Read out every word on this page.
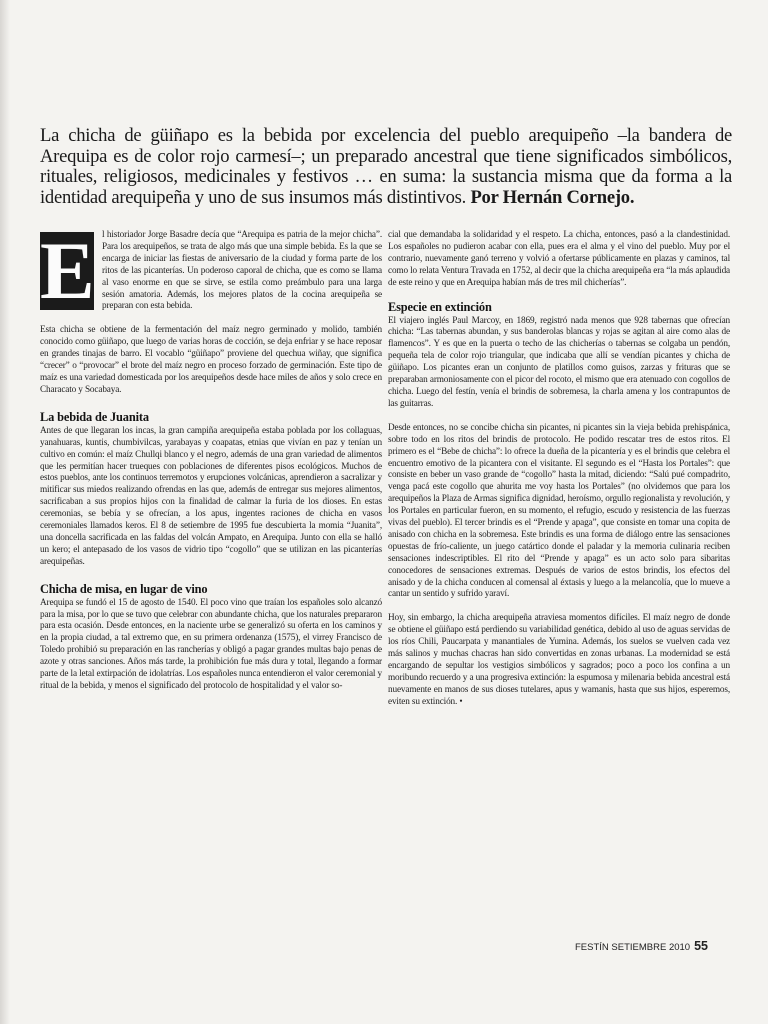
La chicha de güiñapo es la bebida por excelencia del pueblo arequipeño –la bandera de Arequipa es de color rojo carmesí–; un preparado ancestral que tiene significados simbólicos, rituales, religiosos, medicinales y festivos … en suma: la sustancia misma que da forma a la identidad arequipeña y uno de sus insumos más distintivos. Por Hernán Cornejo.

E l historiador Jorge Basadre decía que “Arequipa es patria de la mejor chicha”. Para los arequipeños, se trata de algo más que una simple bebida. Es la que se encarga de iniciar las fiestas de aniversario de la ciudad y forma parte de los ritos de las picanterías. Un poderoso caporal de chicha, que es como se llama al vaso enorme en que se sirve, se estila como preámbulo para una larga sesión amatoria. Además, los mejores platos de la cocina arequipeña se preparan con esta bebida.

Esta chicha se obtiene de la fermentación del maíz negro germinado y molido, también conocido como güiñapo, que luego de varias horas de cocción, se deja enfriar y se hace reposar en grandes tinajas de barro. El vocablo “güiñapo” proviene del quechua wiñay, que significa “crecer” o “provocar” el brote del maíz negro en proceso forzado de germinación. Este tipo de maíz es una variedad domesticada por los arequipeños desde hace miles de años y solo crece en Characato y Socabaya.

La bebida de Juanita

Antes de que llegaran los incas, la gran campiña arequipeña estaba poblada por los collaguas, yanahuaras, kuntis, chumbivilcas, yarabayas y coapatas, etnias que vivían en paz y tenían un cultivo en común: el maíz Chullqi blanco y el negro, además de una gran variedad de alimentos que les permitían hacer trueques con poblaciones de diferentes pisos ecológicos. Muchos de estos pueblos, ante los continuos terremotos y erupciones volcánicas, aprendieron a sacralizar y mitificar sus miedos realizando ofrendas en las que, además de entregar sus mejores alimentos, sacrificaban a sus propios hijos con la finalidad de calmar la furia de los dioses. En estas ceremonias, se bebía y se ofrecían, a los apus, ingentes raciones de chicha en vasos ceremoniales llamados keros. El 8 de setiembre de 1995 fue descubierta la momia “Juanita”, una doncella sacrificada en las faldas del volcán Ampato, en Arequipa. Junto con ella se halló un kero; el antepasado de los vasos de vidrio tipo “cogollo” que se utilizan en las picanterías arequipeñas.

Chicha de misa, en lugar de vino

Arequipa se fundó el 15 de agosto de 1540. El poco vino que traían los españoles solo alcanzó para la misa, por lo que se tuvo que celebrar con abundante chicha, que los naturales prepararon para esta ocasión. Desde entonces, en la naciente urbe se generalizó su oferta en los caminos y en la propia ciudad, a tal extremo que, en su primera ordenanza (1575), el virrey Francisco de Toledo prohibió su preparación en las rancherías y obligó a pagar grandes multas bajo penas de azote y otras sanciones. Años más tarde, la prohibición fue más dura y total, llegando a formar parte de la letal extirpación de idolatrías. Los españoles nunca entendieron el valor ceremonial y ritual de la bebida, y menos el significado del protocolo de hospitalidad y el valor so-

cial que demandaba la solidaridad y el respeto. La chicha, entonces, pasó a la clandestinidad. Los españoles no pudieron acabar con ella, pues era el alma y el vino del pueblo. Muy por el contrario, nuevamente ganó terreno y volvió a ofertarse públicamente en plazas y caminos, tal como lo relata Ventura Travada en 1752, al decir que la chicha arequipeña era “la más aplaudida de este reino y que en Arequipa habían más de tres mil chicherías”.

Especie en extinción

El viajero inglés Paul Marcoy, en 1869, registró nada menos que 928 tabernas que ofrecían chicha: “Las tabernas abundan, y sus banderolas blancas y rojas se agitan al aire como alas de flamencos”. Y es que en la puerta o techo de las chicherías o tabernas se colgaba un pendón, pequeña tela de color rojo triangular, que indicaba que allí se vendían picantes y chicha de güiñapo. Los picantes eran un conjunto de platillos como guisos, zarzas y frituras que se preparaban armoniosamente con el picor del rocoto, el mismo que era atenuado con cogollos de chicha. Luego del festín, venía el brindis de sobremesa, la charla amena y los contrapuntos de las guitarras.

Desde entonces, no se concibe chicha sin picantes, ni picantes sin la vieja bebida prehispánica, sobre todo en los ritos del brindis de protocolo. He podido rescatar tres de estos ritos. El primero es el “Bebe de chicha”: lo ofrece la dueña de la picantería y es el brindis que celebra el encuentro emotivo de la picantera con el visitante. El segundo es el “Hasta los Portales”: que consiste en beber un vaso grande de “cogollo” hasta la mitad, diciendo: “Salú pué compadrito, venga pacá este cogollo que ahurita me voy hasta los Portales” (no olvidemos que para los arequipeños la Plaza de Armas significa dignidad, heroísmo, orgullo regionalista y revolución, y los Portales en particular fueron, en su momento, el refugio, escudo y resistencia de las fuerzas vivas del pueblo). El tercer brindis es el “Prende y apaga”, que consiste en tomar una copita de anisado con chicha en la sobremesa. Este brindis es una forma de diálogo entre las sensaciones opuestas de frío-caliente, un juego catártico donde el paladar y la memoria culinaria reciben sensaciones indescriptibles. El rito del “Prende y apaga” es un acto solo para sibaritas conocedores de sensaciones extremas. Después de varios de estos brindis, los efectos del anisado y de la chicha conducen al comensal al éxtasis y luego a la melancolía, que lo mueve a cantar un sentido y sufrido yaraví.

Hoy, sin embargo, la chicha arequipeña atraviesa momentos difíciles. El maíz negro de donde se obtiene el güiñapo está perdiendo su variabilidad genética, debido al uso de aguas servidas de los ríos Chili, Paucarpata y manantiales de Yumina. Además, los suelos se vuelven cada vez más salinos y muchas chacras han sido convertidas en zonas urbanas. La modernidad se está encargando de sepultar los vestigios simbólicos y sagrados; poco a poco los confina a un moribundo recuerdo y a una progresiva extinción: la espumosa y milenaria bebida ancestral está nuevamente en manos de sus dioses tutelares, apus y wamanis, hasta que sus hijos, esperemos, eviten su extinción. •

FESTÍN SETIEMBRE 2010 55
